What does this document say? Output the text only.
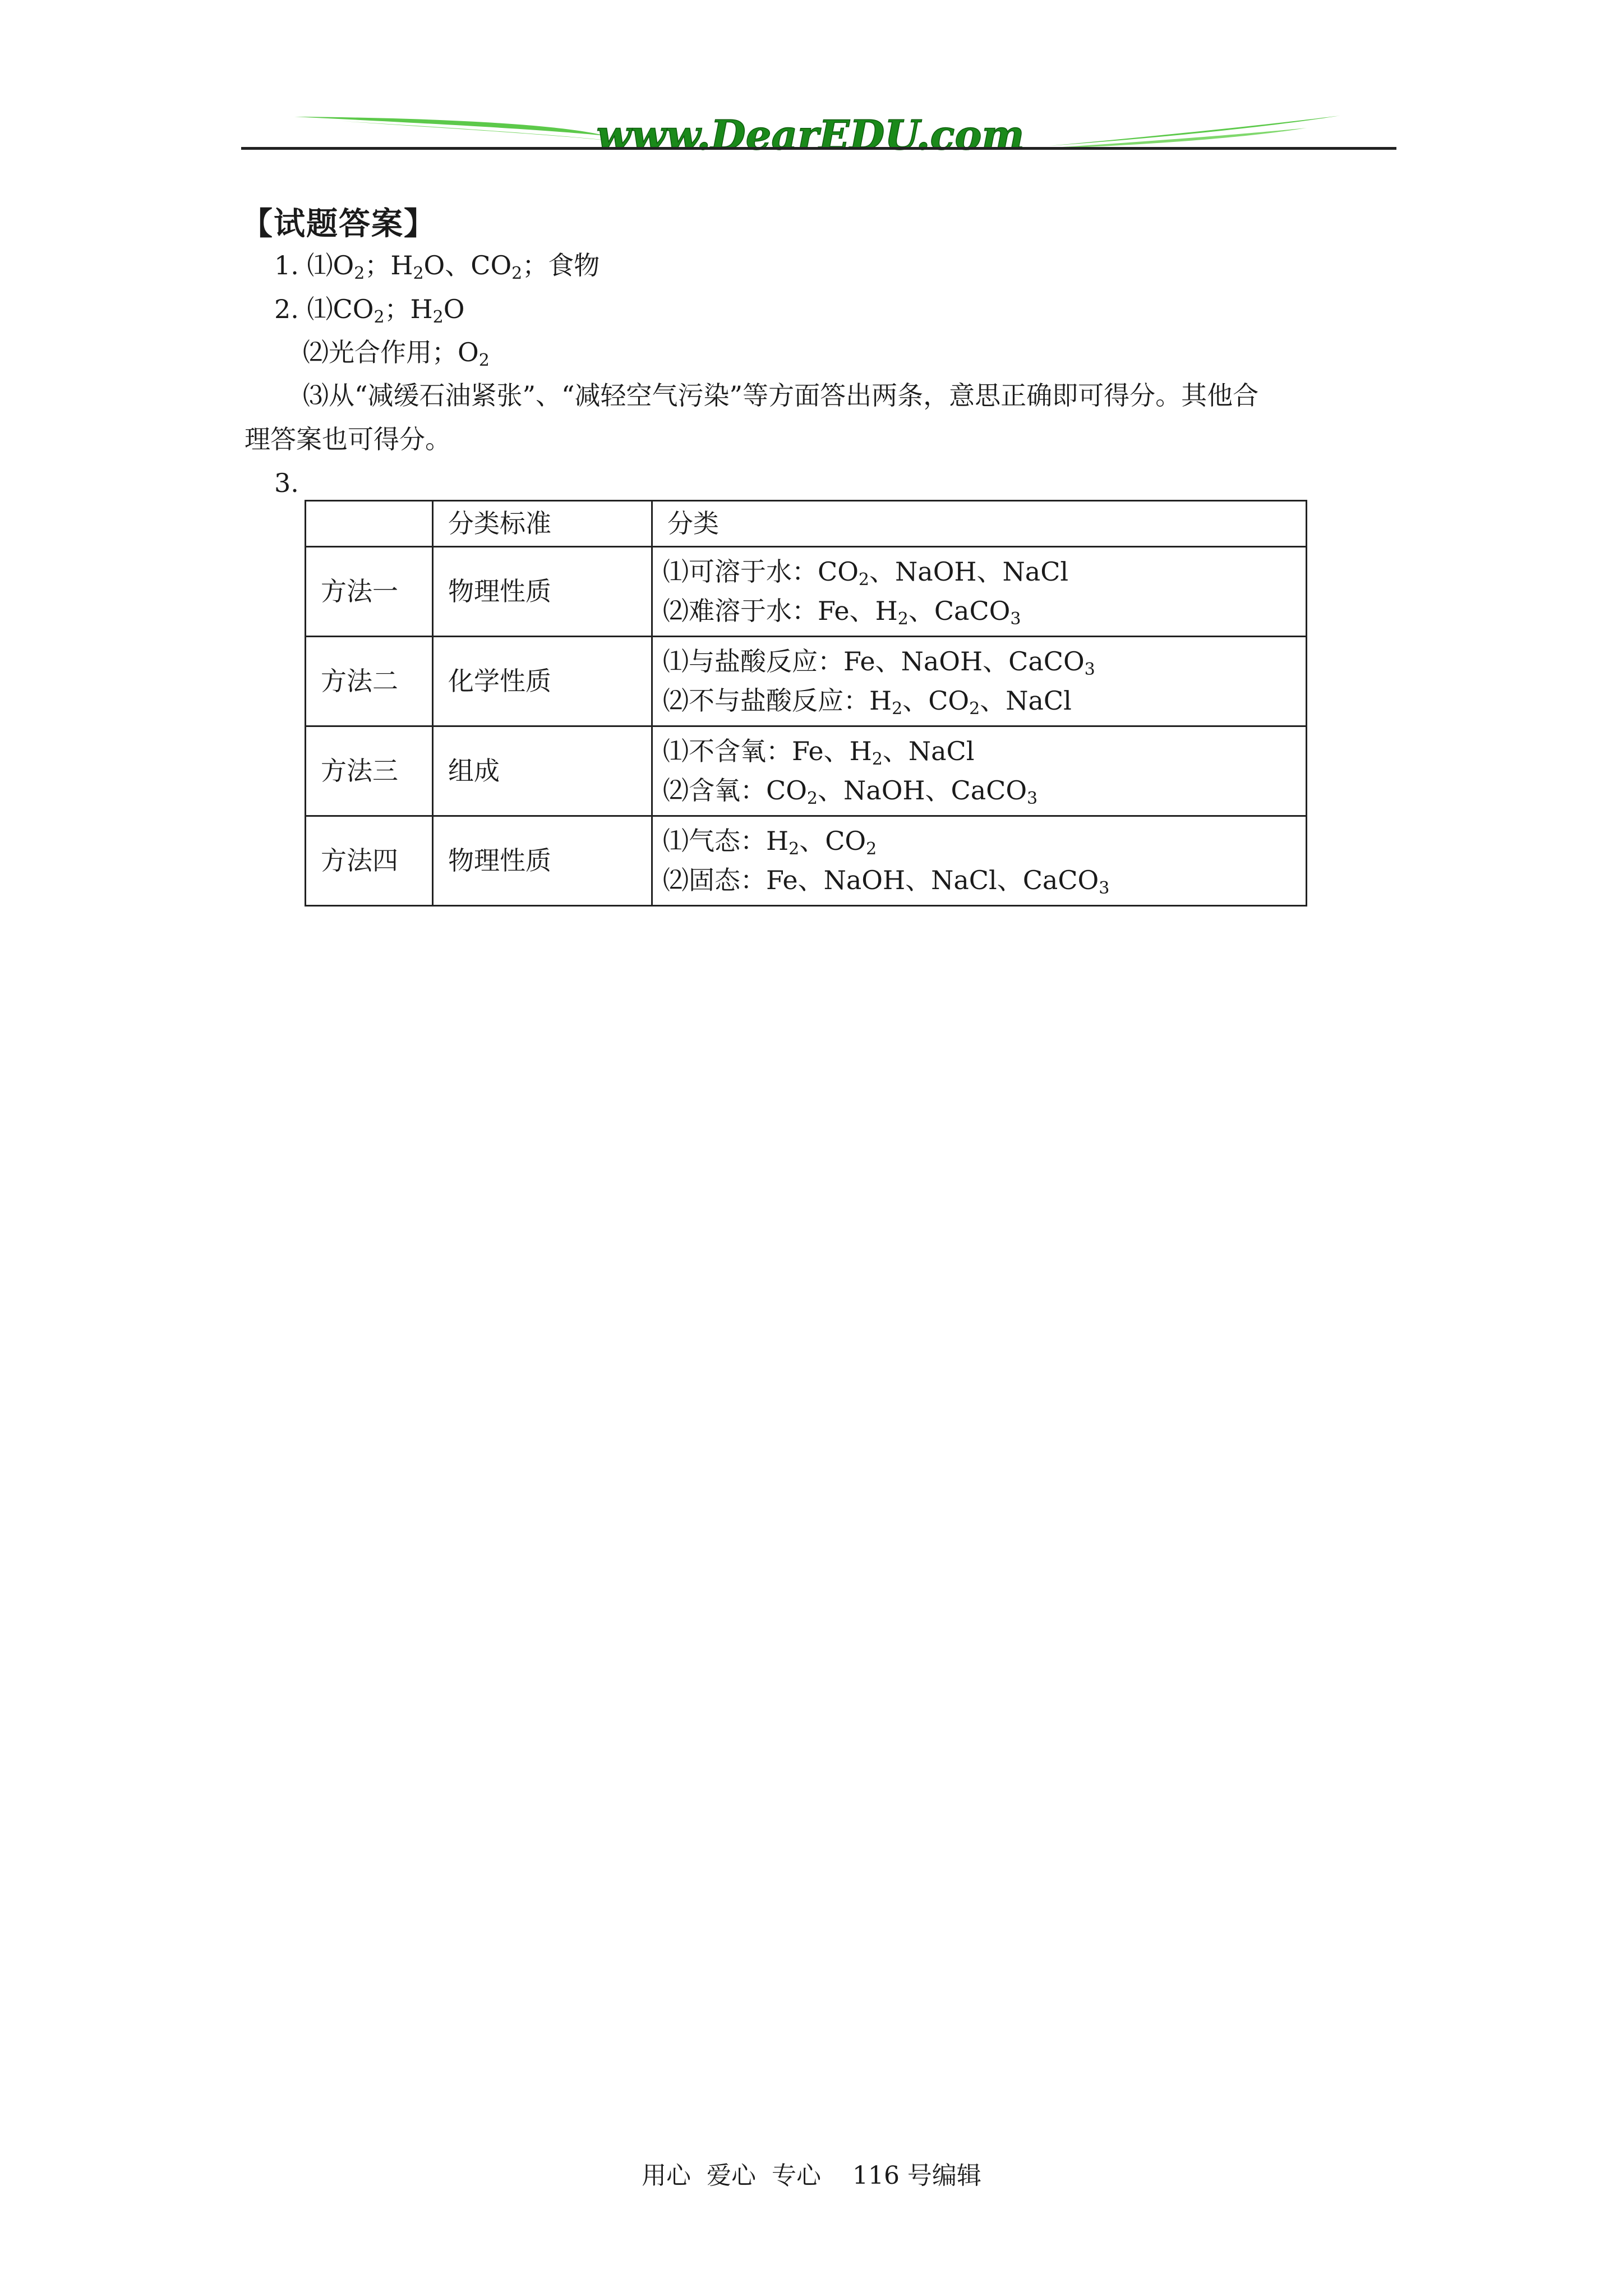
www.DearEDU.com
【试题答案】
1. $⑴O_2$；$H_2O$、$CO_2$；食物
2. $⑴CO_2$；$H_2O$
⑵光合作用；$O_2$
⑶从“减缓石油紧张”、“减轻空气污染”等方面答出两条，意思正确即可得分。其他合
理答案也可得分。
3.
	分类标准	分类
方法一	物理性质	⑴可溶于水：$CO_2$、NaOH、NaCl
⑵难溶于水：Fe、$H_2$、CaCO$_3$

方法二	化学性质	⑴与盐酸反应：Fe、NaOH、CaCO$_3$
⑵不与盐酸反应：$H_2$、$CO_2$、NaCl

方法三	组成	⑴不含氧：Fe、$H_2$、NaCl
⑵含氧：$CO_2$、NaOH、CaCO$_3$

方法四	物理性质	⑴气态：$H_2$、$CO_2$
⑵固态：Fe、NaOH、NaCl、CaCO$_3$
用心  爱心  专心    116 号编辑
